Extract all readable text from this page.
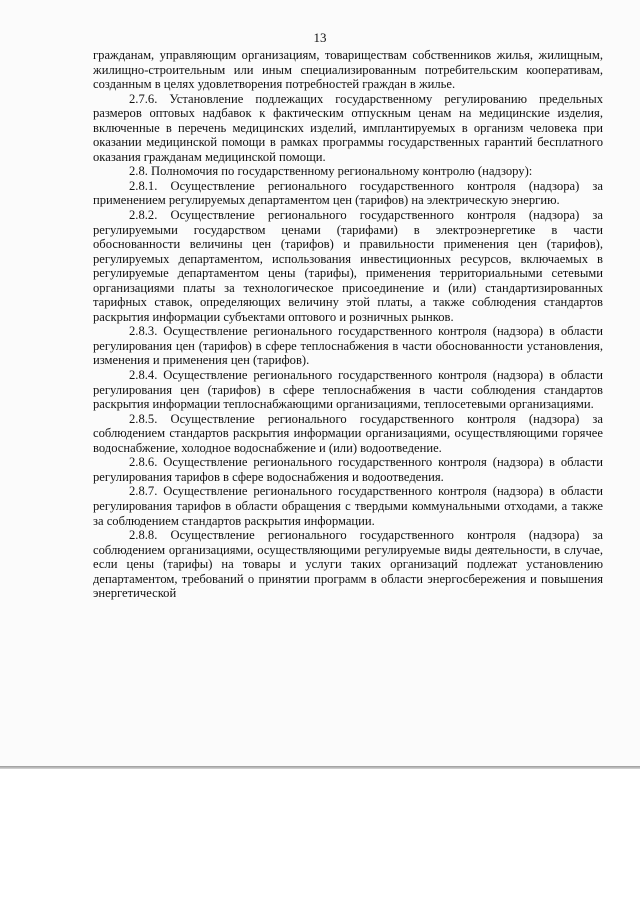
13

гражданам, управляющим организациям, товариществам собственников жилья, жилищным, жилищно-строительным или иным специализированным потребительским кооперативам, созданным в целях удовлетворения потребностей граждан в жилье.

2.7.6. Установление подлежащих государственному регулированию предельных размеров оптовых надбавок к фактическим отпускным ценам на медицинские изделия, включенные в перечень медицинских изделий, имплантируемых в организм человека при оказании медицинской помощи в рамках программы государственных гарантий бесплатного оказания гражданам медицинской помощи.

2.8. Полномочия по государственному региональному контролю (надзору):

2.8.1. Осуществление регионального государственного контроля (надзора) за применением регулируемых департаментом цен (тарифов) на электрическую энергию.

2.8.2. Осуществление регионального государственного контроля (надзора) за регулируемыми государством ценами (тарифами) в электроэнергетике в части обоснованности величины цен (тарифов) и правильности применения цен (тарифов), регулируемых департаментом, использования инвестиционных ресурсов, включаемых в регулируемые департаментом цены (тарифы), применения территориальными сетевыми организациями платы за технологическое присоединение и (или) стандартизированных тарифных ставок, определяющих величину этой платы, а также соблюдения стандартов раскрытия информации субъектами оптового и розничных рынков.

2.8.3. Осуществление регионального государственного контроля (надзора) в области регулирования цен (тарифов) в сфере теплоснабжения в части обоснованности установления, изменения и применения цен (тарифов).

2.8.4. Осуществление регионального государственного контроля (надзора) в области регулирования цен (тарифов) в сфере теплоснабжения в части соблюдения стандартов раскрытия информации теплоснабжающими организациями, теплосетевыми организациями.

2.8.5. Осуществление регионального государственного контроля (надзора) за соблюдением стандартов раскрытия информации организациями, осуществляющими горячее водоснабжение, холодное водоснабжение и (или) водоотведение.

2.8.6. Осуществление регионального государственного контроля (надзора) в области регулирования тарифов в сфере водоснабжения и водоотведения.

2.8.7. Осуществление регионального государственного контроля (надзора) в области регулирования тарифов в области обращения с твердыми коммунальными отходами, а также за соблюдением стандартов раскрытия информации.

2.8.8. Осуществление регионального государственного контроля (надзора) за соблюдением организациями, осуществляющими регулируемые виды деятельности, в случае, если цены (тарифы) на товары и услуги таких организаций подлежат установлению департаментом, требований о принятии программ в области энергосбережения и повышения энергетической
